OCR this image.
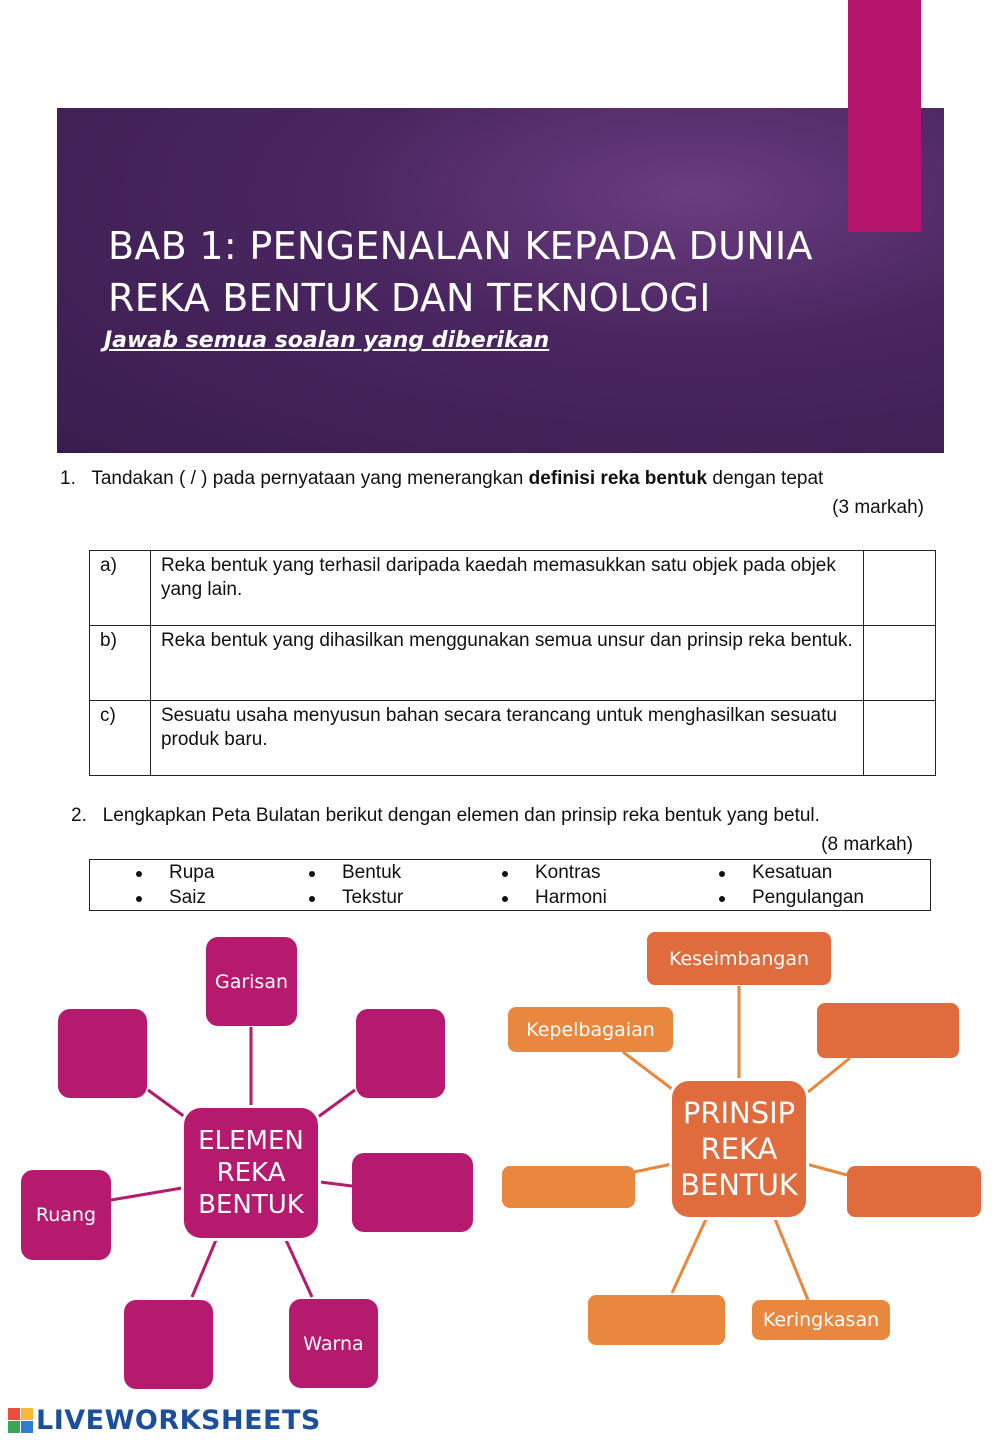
BAB 1: PENGENALAN KEPADA DUNIA
REKA BENTUK DAN TEKNOLOGI
Jawab semua soalan yang diberikan
1.   Tandakan ( / ) pada pernyataan yang menerangkan definisi reka bentuk dengan tepat
(3 markah)
a)	Reka bentuk yang terhasil daripada kaedah memasukkan satu objek pada objek yang lain.	
b)	Reka bentuk yang dihasilkan menggunakan semua unsur dan prinsip reka bentuk.	
c)	Sesuatu usaha menyusun bahan secara terancang untuk menghasilkan sesuatu produk baru.	
2.   Lengkapkan Peta Bulatan berikut dengan elemen dan prinsip reka bentuk yang betul.
(8 markah)
Rupa	Bentuk	Kontras	Kesatuan
Saiz	Tekstur	Harmoni	Pengulangan
Garisan
ELEMEN
REKA
BENTUK
Ruang
Warna
Keseimbangan
Kepelbagaian
PRINSIP
REKA
BENTUK
Keringkasan
LIVEWORKSHEETS
